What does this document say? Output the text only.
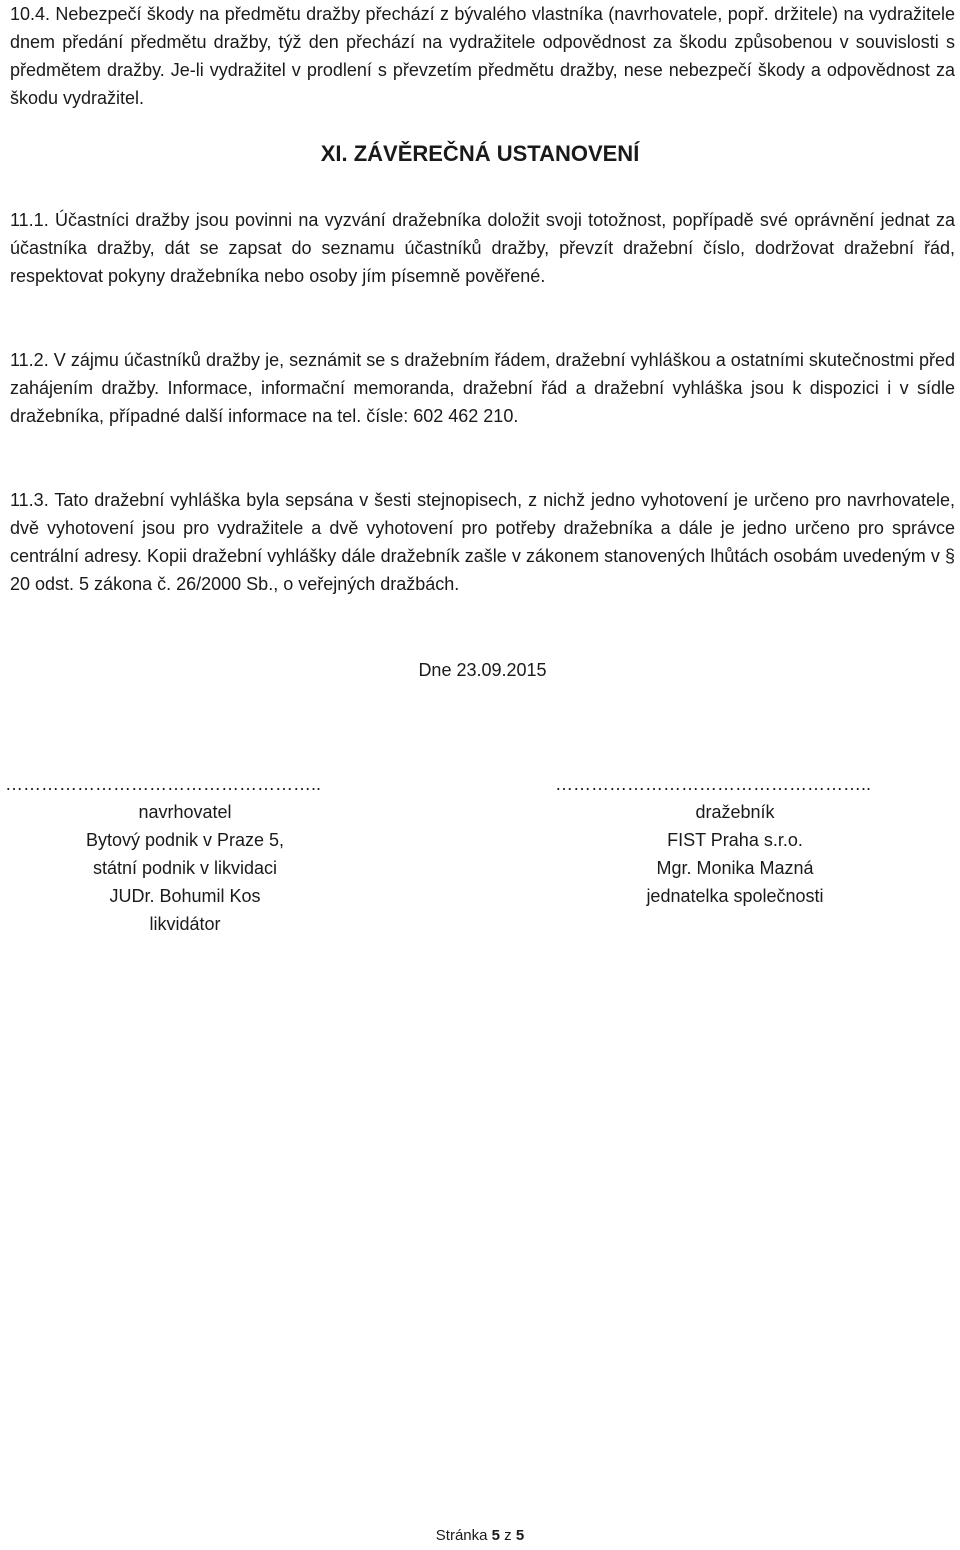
10.4. Nebezpečí škody na předmětu dražby přechází z bývalého vlastníka (navrhovatele, popř. držitele) na vydražitele dnem předání předmětu dražby, týž den přechází na vydražitele odpovědnost za škodu způsobenou v souvislosti s předmětem dražby. Je-li vydražitel v prodlení s převzetím předmětu dražby, nese nebezpečí škody a odpovědnost za škodu vydražitel.
XI. ZÁVĚREČNÁ USTANOVENÍ
11.1. Účastníci dražby jsou povinni na vyzvání dražebníka doložit svoji totožnost, popřípadě své oprávnění jednat za účastníka dražby, dát se zapsat do seznamu účastníků dražby, převzít dražební číslo, dodržovat dražební řád, respektovat pokyny dražebníka nebo osoby jím písemně pověřené.
11.2. V zájmu účastníků dražby je, seznámit se s dražebním řádem, dražební vyhláškou a ostatními skutečnostmi před zahájením dražby. Informace, informační memoranda, dražební řád a dražební vyhláška jsou k dispozici i v sídle dražebníka, případné další informace na tel. čísle: 602 462 210.
11.3. Tato dražební vyhláška byla sepsána v šesti stejnopisech, z nichž jedno vyhotovení je určeno pro navrhovatele, dvě vyhotovení jsou pro vydražitele a dvě vyhotovení pro potřeby dražebníka a dále je jedno určeno pro správce centrální adresy. Kopii dražební vyhlášky dále dražebník zašle v zákonem stanovených lhůtách osobám uvedeným v § 20 odst. 5 zákona č. 26/2000 Sb., o veřejných dražbách.
Dne 23.09.2015
……………………………………………..
navrhovatel
Bytový podnik v Praze 5,
státní podnik v likvidaci
JUDr. Bohumil Kos
likvidátor
……………………………………………..
dražebník
FIST Praha s.r.o.
Mgr. Monika Mazná
jednatelka společnosti
Stránka 5 z 5
